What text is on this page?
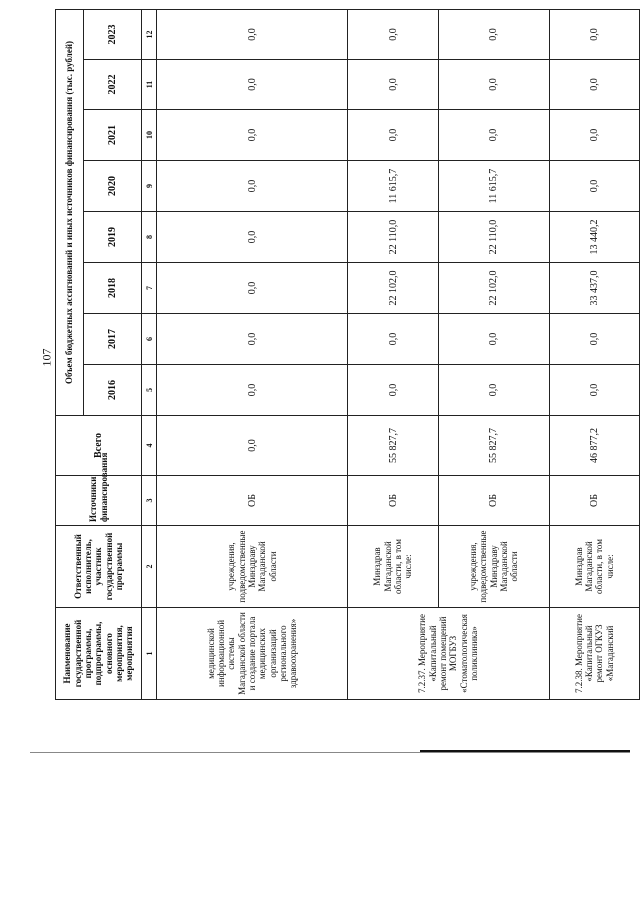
107
Наименование государственной программы, подпрограммы, основного мероприятия, мероприятия	Ответственный исполнитель, участник государственной программы	Источники финансирования	Всего	Объем бюджетных ассигнований и иных источников финансирования (тыс. рублей)							
				2016	2017	2018	2019	2020	2021	2022	2023
1	2	3	4	5	6	7	8	9	10	11	12
медицинской информационной системы Магаданской области и создание портала медицинских организаций регионального здравоохранения»	учреждения, подведомственные Минздраву Магаданской области	ОБ	0,0	0,0	0,0	0,0	0,0	0,0	0,0	0,0	0,0
7.2.37. Мероприятие «Капитальный ремонт помещений МОГБУЗ «Стоматологическая поликлиника»	Минздрав Магаданской области, в том числе:	ОБ	55 827,7	0,0	0,0	22 102,0	22 110,0	11 615,7	0,0	0,0	0,0
	учреждения, подведомственные Минздраву Магаданской области	ОБ	55 827,7	0,0	0,0	22 102,0	22 110,0	11 615,7	0,0	0,0	0,0
7.2.38. Мероприятие «Капитальный ремонт ОГКУЗ «Магаданский	Минздрав Магаданской области, в том числе:	ОБ	46 877,2	0,0	0,0	33 437,0	13 440,2	0,0	0,0	0,0	0,0
